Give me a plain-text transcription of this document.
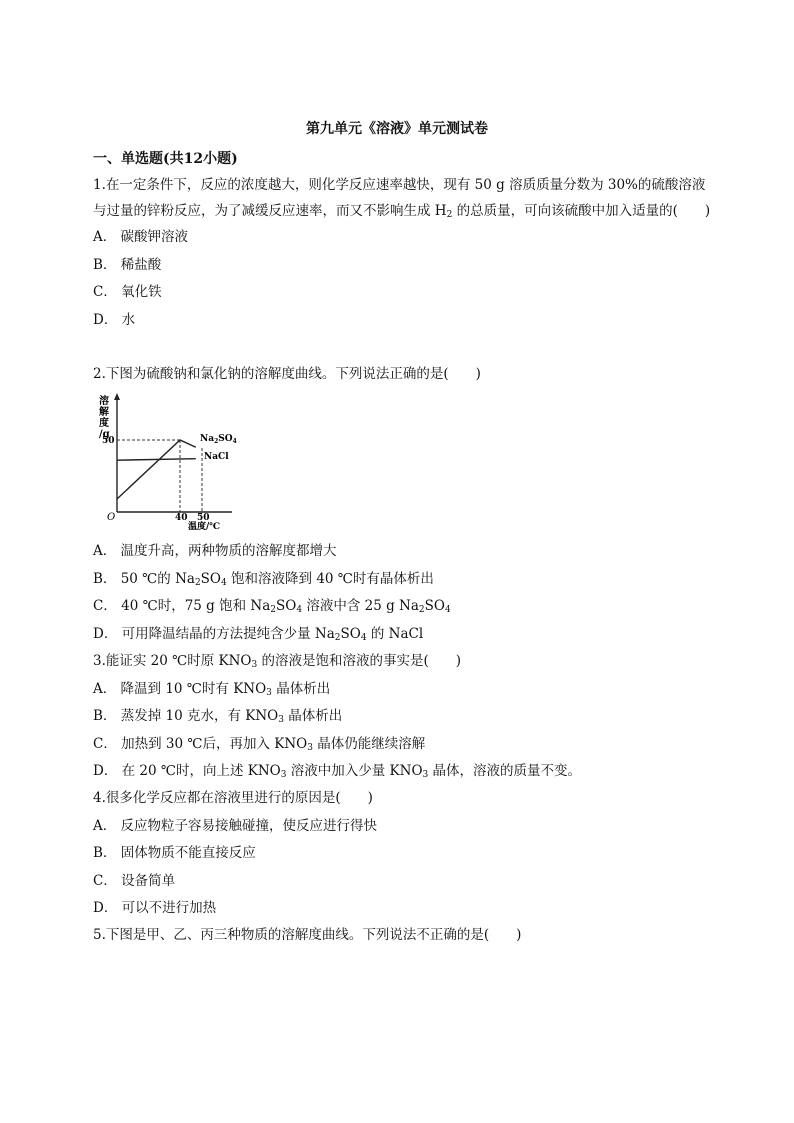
第九单元《溶液》单元测试卷
一、单选题(共12小题)
1.在一定条件下，反应的浓度越大，则化学反应速率越快，现有 50 g 溶质质量分数为 30%的硫酸溶液与过量的锌粉反应，为了减缓反应速率，而又不影响生成 $H_2$ 的总质量，可向该硫酸中加入适量的(　　)
A． 碳酸钾溶液
B． 稀盐酸
C． 氧化铁
D． 水
2.下图为硫酸钠和氯化钠的溶解度曲线。下列说法正确的是(　　)
溶
解
度
/g	$Na_2SO_4$
NaCl
50
O	40 50
温度/℃
A． 温度升高，两种物质的溶解度都增大
B． 50 ℃的 $Na_2SO_4$ 饱和溶液降到 40 ℃时有晶体析出
C． 40 ℃时，75 g 饱和 $Na_2SO_4$ 溶液中含 25 g $Na_2SO_4$
D． 可用降温结晶的方法提纯含少量 $Na_2SO_4$ 的 NaCl
3.能证实 20 ℃时原 $KNO_3$ 的溶液是饱和溶液的事实是(　　)
A． 降温到 10 ℃时有 $KNO_3$ 晶体析出
B． 蒸发掉 10 克水，有 $KNO_3$ 晶体析出
C． 加热到 30 ℃后，再加入 $KNO_3$ 晶体仍能继续溶解
D． 在 20 ℃时，向上述 $KNO_3$ 溶液中加入少量 $KNO_3$ 晶体，溶液的质量不变。
4.很多化学反应都在溶液里进行的原因是(　　)
A． 反应物粒子容易接触碰撞，使反应进行得快
B． 固体物质不能直接反应
C． 设备简单
D． 可以不进行加热
5.下图是甲、乙、丙三种物质的溶解度曲线。下列说法不正确的是(　　)
